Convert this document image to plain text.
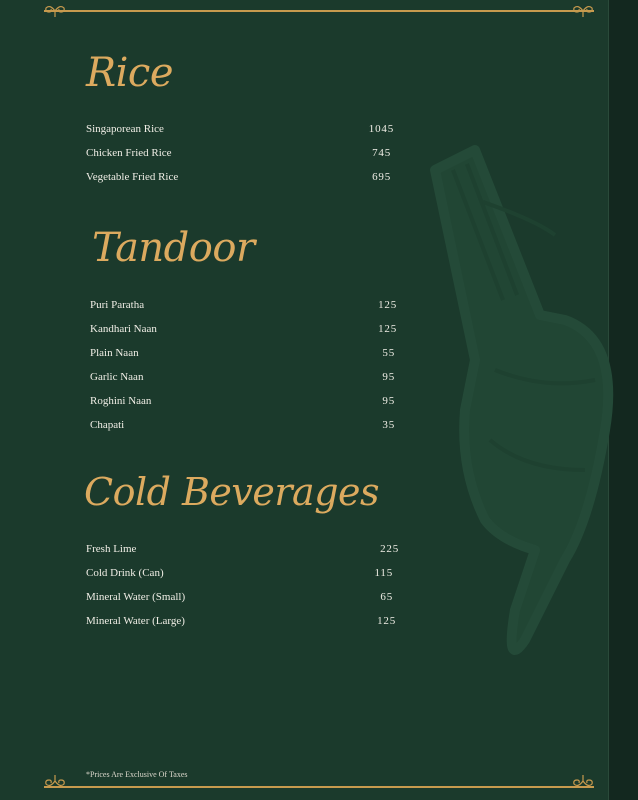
Rice
Singaporean Rice	1045
Chicken Fried Rice	745
Vegetable Fried Rice	695
Tandoor
Puri Paratha	125
Kandhari Naan	125
Plain Naan	55
Garlic Naan	95
Roghini Naan	95
Chapati	35
Cold Beverages
Fresh Lime	225
Cold Drink (Can)	115
Mineral Water (Small)	65
Mineral Water (Large)	125
*Prices Are Exclusive Of Taxes
